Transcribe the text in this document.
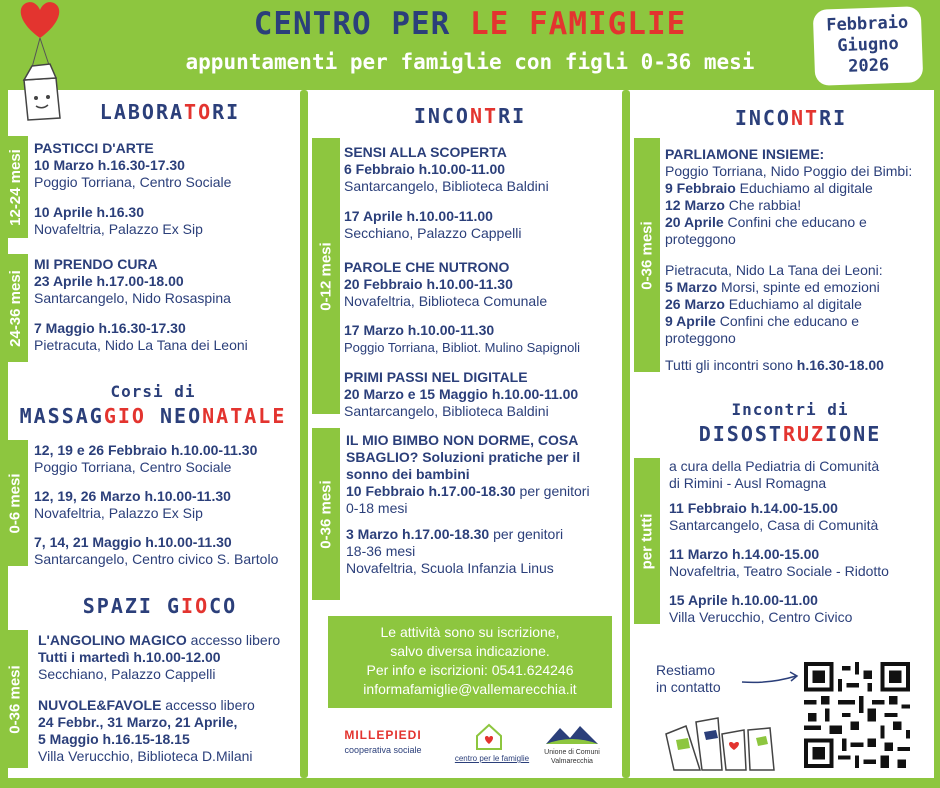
CENTRO PER LE FAMIGLIE
appuntamenti per famiglie con figli 0-36 mesi
Febbraio
Giugno
2026
LABORATORI
12-24 mesi
24-36 mesi
PASTICCI D'ARTE
10 Marzo h.16.30-17.30
Poggio Torriana, Centro Sociale
10 Aprile h.16.30
Novafeltria, Palazzo Ex Sip
MI PRENDO CURA
23 Aprile h.17.00-18.00
Santarcangelo, Nido Rosaspina
7 Maggio h.16.30-17.30
Pietracuta, Nido La Tana dei Leoni
Corsi di
MASSAGGIO NEONATALE
0-6 mesi
12, 19 e 26 Febbraio h.10.00-11.30
Poggio Torriana, Centro Sociale
12, 19, 26 Marzo h.10.00-11.30
Novafeltria, Palazzo Ex Sip
7, 14, 21 Maggio h.10.00-11.30
Santarcangelo, Centro civico S. Bartolo
SPAZI GIOCO
0-36 mesi
L'ANGOLINO MAGICO accesso libero
Tutti i martedì h.10.00-12.00
Secchiano, Palazzo Cappelli
NUVOLE&FAVOLE accesso libero
24 Febbr., 31 Marzo, 21 Aprile,
5 Maggio h.16.15-18.15
Villa Verucchio, Biblioteca D.Milani
INCONTRI
0-12 mesi
0-36 mesi
SENSI ALLA SCOPERTA
6 Febbraio h.10.00-11.00
Santarcangelo, Biblioteca Baldini
17 Aprile h.10.00-11.00
Secchiano, Palazzo Cappelli
PAROLE CHE NUTRONO
20 Febbraio h.10.00-11.30
Novafeltria, Biblioteca Comunale
17 Marzo h.10.00-11.30
Poggio Torriana, Bibliot. Mulino Sapignoli
PRIMI PASSI NEL DIGITALE
20 Marzo e 15 Maggio h.10.00-11.00
Santarcangelo, Biblioteca Baldini
IL MIO BIMBO NON DORME, COSA
SBAGLIO? Soluzioni pratiche per il
sonno dei bambini
10 Febbraio h.17.00-18.30 per genitori
0-18 mesi
3 Marzo h.17.00-18.30 per genitori
18-36 mesi
Novafeltria, Scuola Infanzia Linus
Le attività sono su iscrizione,
salvo diversa indicazione.
Per info e iscrizioni: 0541.624246
informafamiglie@vallemarecchia.it
MILLEPIEDI
cooperativa sociale
centro per le famiglie
Unione di Comuni
Valmarecchia
INCONTRI
0-36 mesi
PARLIAMONE INSIEME:
Poggio Torriana, Nido Poggio dei Bimbi:
9 Febbraio Educhiamo al digitale
12 Marzo Che rabbia!
20 Aprile Confini che educano e
proteggono
Pietracuta, Nido La Tana dei Leoni:
5 Marzo Morsi, spinte ed emozioni
26 Marzo Educhiamo al digitale
9 Aprile Confini che educano e
proteggono
Tutti gli incontri sono h.16.30-18.00
Incontri di
DISOSTRUZIONE
per tutti
a cura della Pediatria di Comunità
di Rimini - Ausl Romagna
11 Febbraio h.14.00-15.00
Santarcangelo, Casa di Comunità
11 Marzo h.14.00-15.00
Novafeltria, Teatro Sociale - Ridotto
15 Aprile h.10.00-11.00
Villa Verucchio, Centro Civico
Restiamo
in contatto
